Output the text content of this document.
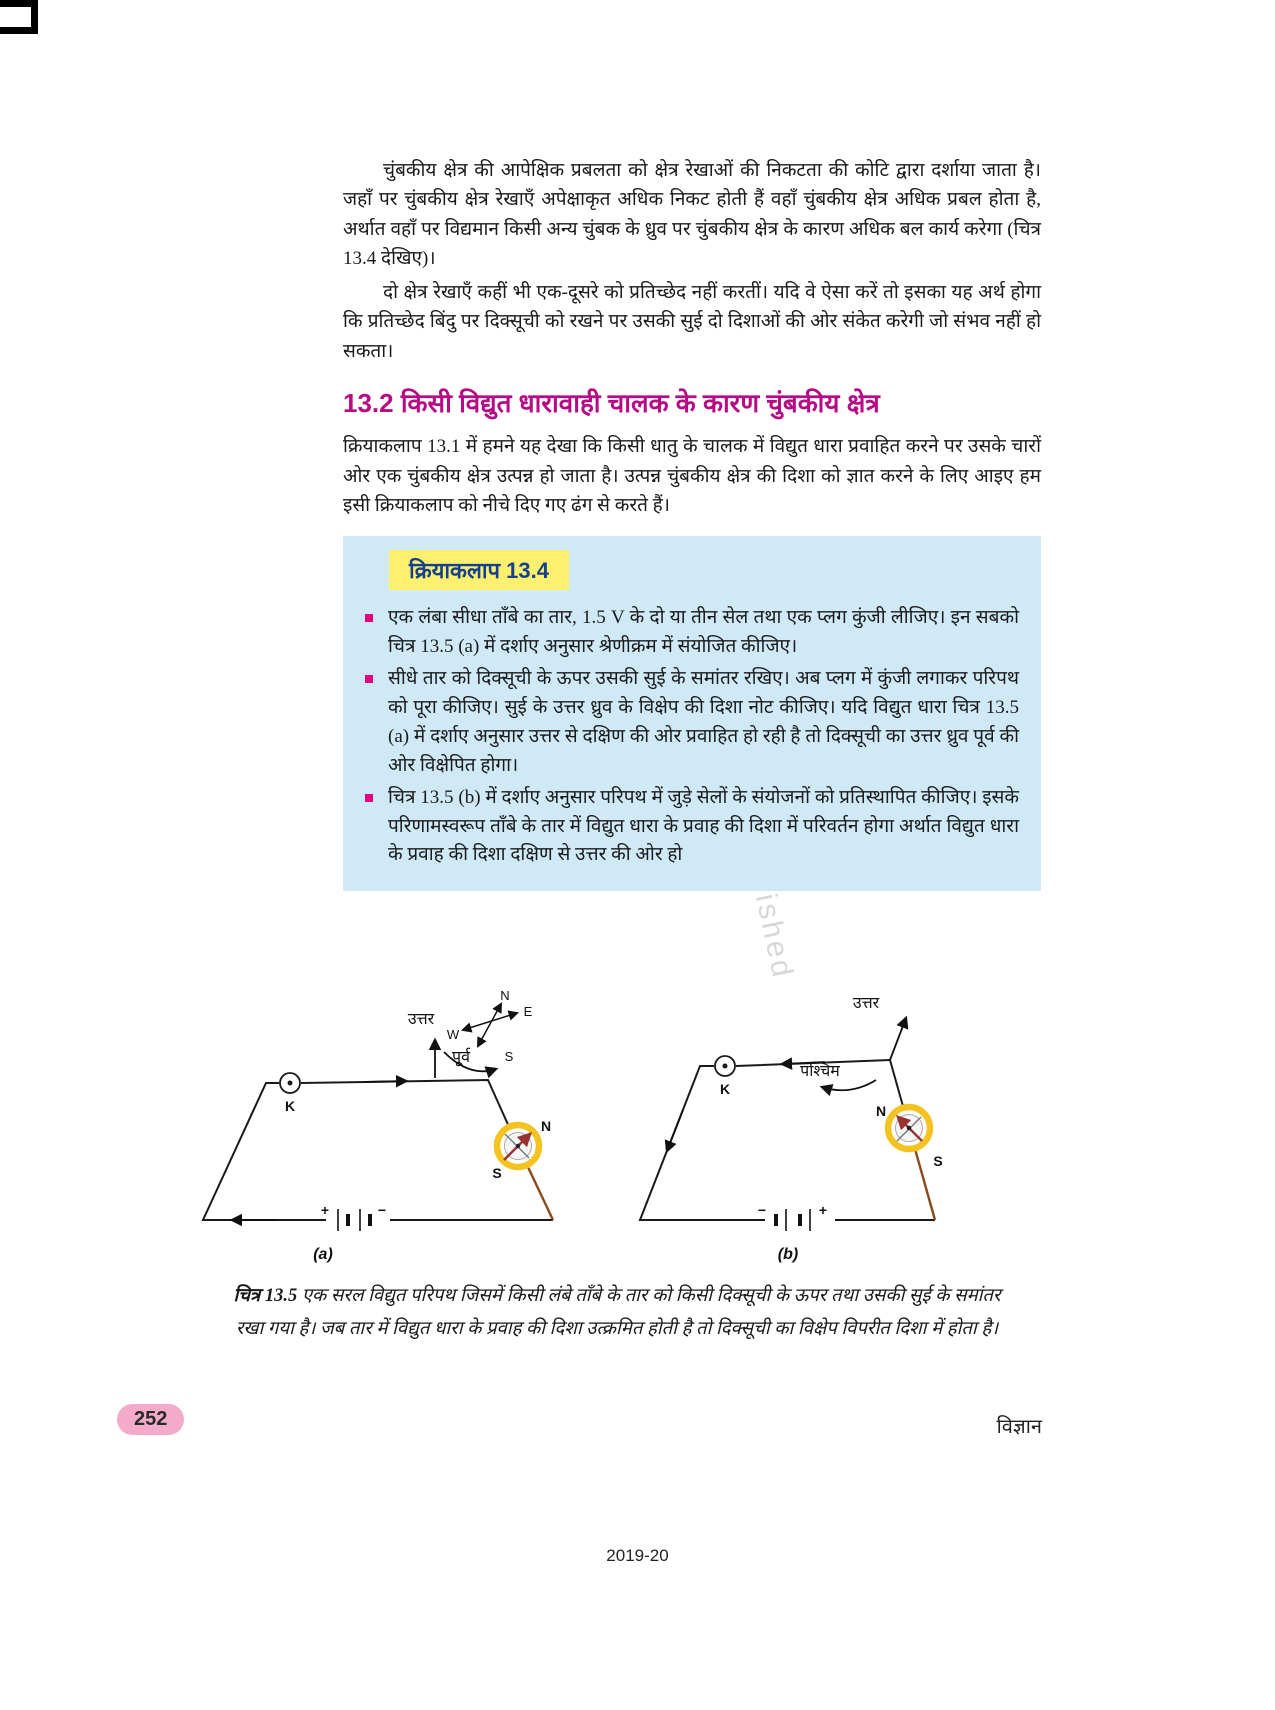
चुंबकीय क्षेत्र की आपेक्षिक प्रबलता को क्षेत्र रेखाओं की निकटता की कोटि द्वारा दर्शाया जाता है। जहाँ पर चुंबकीय क्षेत्र रेखाएँ अपेक्षाकृत अधिक निकट होती हैं वहाँ चुंबकीय क्षेत्र अधिक प्रबल होता है, अर्थात वहाँ पर विद्यमान किसी अन्य चुंबक के ध्रुव पर चुंबकीय क्षेत्र के कारण अधिक बल कार्य करेगा (चित्र 13.4 देखिए)।

दो क्षेत्र रेखाएँ कहीं भी एक-दूसरे को प्रतिच्छेद नहीं करतीं। यदि वे ऐसा करें तो इसका यह अर्थ होगा कि प्रतिच्छेद बिंदु पर दिक्सूची को रखने पर उसकी सुई दो दिशाओं की ओर संकेत करेगी जो संभव नहीं हो सकता।

13.2 किसी विद्युत धारावाही चालक के कारण चुंबकीय क्षेत्र

क्रियाकलाप 13.1 में हमने यह देखा कि किसी धातु के चालक में विद्युत धारा प्रवाहित करने पर उसके चारों ओर एक चुंबकीय क्षेत्र उत्पन्न हो जाता है। उत्पन्न चुंबकीय क्षेत्र की दिशा को ज्ञात करने के लिए आइए हम इसी क्रियाकलाप को नीचे दिए गए ढंग से करते हैं।

क्रियाकलाप 13.4
एक लंबा सीधा ताँबे का तार, 1.5 V के दो या तीन सेल तथा एक प्लग कुंजी लीजिए। इन सबको चित्र 13.5 (a) में दर्शाए अनुसार श्रेणीक्रम में संयोजित कीजिए।
सीधे तार को दिक्सूची के ऊपर उसकी सुई के समांतर रखिए। अब प्लग में कुंजी लगाकर परिपथ को पूरा कीजिए। सुई के उत्तर ध्रुव के विक्षेप की दिशा नोट कीजिए। यदि विद्युत धारा चित्र 13.5 (a) में दर्शाए अनुसार उत्तर से दक्षिण की ओर प्रवाहित हो रही है तो दिक्सूची का उत्तर ध्रुव पूर्व की ओर विक्षेपित होगा।
चित्र 13.5 (b) में दर्शाए अनुसार परिपथ में जुड़े सेलों के संयोजनों को प्रतिस्थापित कीजिए। इसके परिणामस्वरूप ताँबे के तार में विद्युत धारा के प्रवाह की दिशा में परिवर्तन होगा अर्थात विद्युत धारा के प्रवाह की दिशा दक्षिण से उत्तर की ओर हो
उत्तर
पूर्व
N
E
W
S
K
N
S
+	−
(a)
उत्तर
पश्चिम
K
N
S
−	+
(b)
चित्र 13.5 एक सरल विद्युत परिपथ जिसमें किसी लंबे ताँबे के तार को किसी दिक्सूची के ऊपर तथा उसकी सुई के समांतर रखा गया है। जब तार में विद्युत धारा के प्रवाह की दिशा उत्क्रमित होती है तो दिक्सूची का विक्षेप विपरीत दिशा में होता है।
252	विज्ञान
2019-20
